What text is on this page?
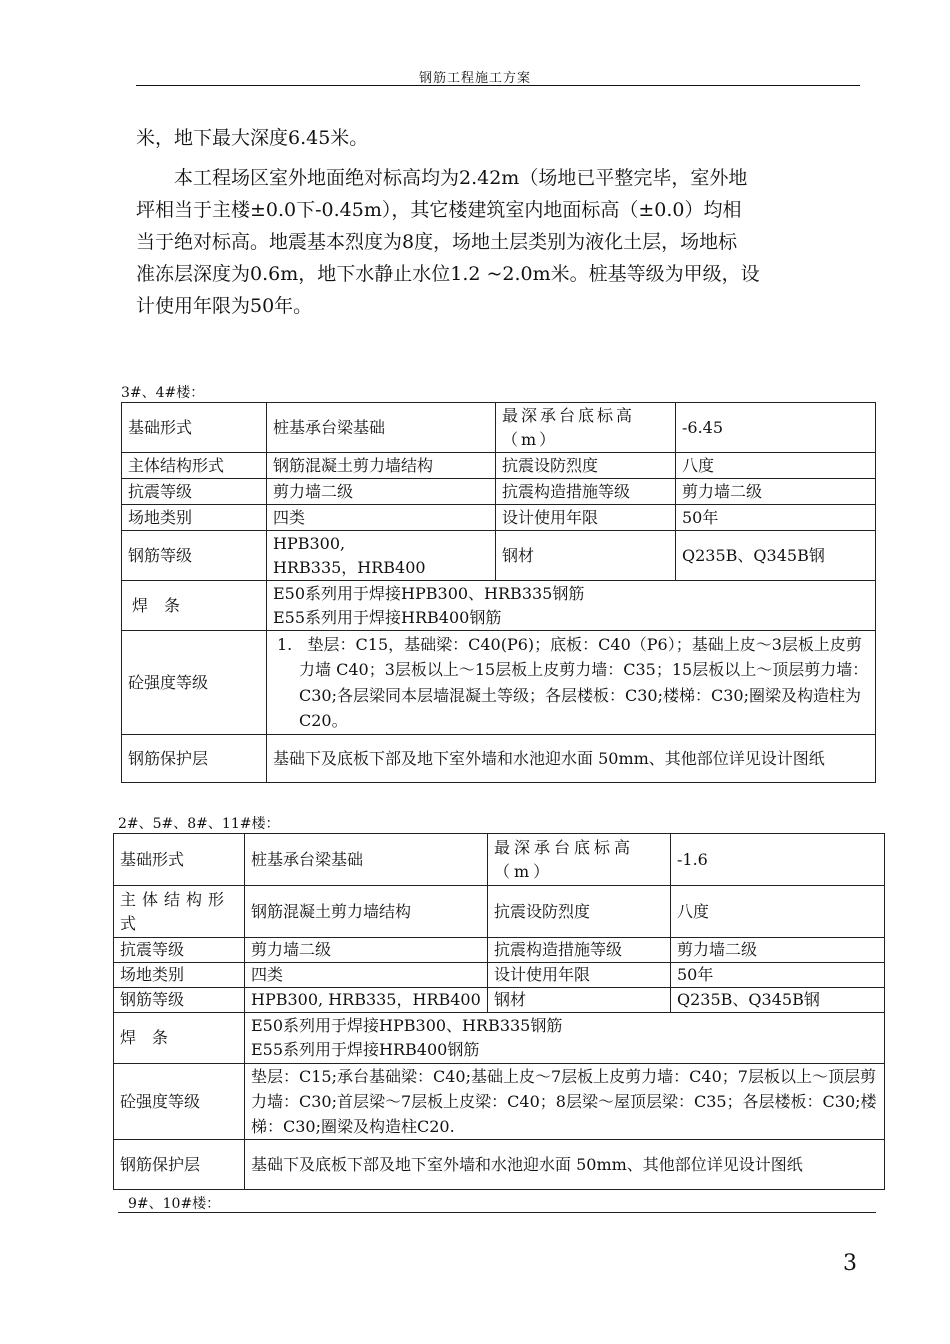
钢筋工程施工方案

米，地下最大深度6.45米。

　　本工程场区室外地面绝对标高均为2.42m（场地已平整完毕，室外地
坪相当于主楼±0.0下-0.45m），其它楼建筑室内地面标高（±0.0）均相
当于绝对标高。地震基本烈度为8度，场地土层类别为液化土层，场地标
准冻层深度为0.6m，地下水静止水位1.2 ~2.0m米。桩基等级为甲级，设
计使用年限为50年。

3#、4#楼：

基础形式	桩基承台梁基础	最深承台底标高（m）	-6.45
主体结构形式	钢筋混凝土剪力墙结构	抗震设防烈度	八度
抗震等级	剪力墙二级	抗震构造措施等级	剪力墙二级
场地类别	四类	设计使用年限	50年
钢筋等级	HPB300,
HRB335，HRB400	钢材	Q235B、Q345B钢
焊　条	E50系列用于焊接HPB300、HRB335钢筋
E55系列用于焊接HRB400钢筋		

砼强度等级	1. 垫层：C15，基础梁：C40(P6)；底板：C40（P6）；基础上皮～3层板上皮剪力墙 C40；3层板以上～15层板上皮剪力墙：C35；15层板以上～顶层剪力墙：C30;各层梁同本层墙混凝土等级；各层楼板：C30;楼梯：C30;圈梁及构造柱为C20。		

钢筋保护层	基础下及底板下部及地下室外墙和水池迎水面 50mm、其他部位详见设计图纸		

2#、5#、8#、11#楼：

基础形式	桩基承台梁基础	最深承台底标高（m）	-1.6
主体结构形式	钢筋混凝土剪力墙结构	抗震设防烈度	八度
抗震等级	剪力墙二级	抗震构造措施等级	剪力墙二级
场地类别	四类	设计使用年限	50年
钢筋等级	HPB300, HRB335，HRB400	钢材	Q235B、Q345B钢
焊　条	E50系列用于焊接HPB300、HRB335钢筋
E55系列用于焊接HRB400钢筋		

砼强度等级	垫层：C15;承台基础梁：C40;基础上皮～7层板上皮剪力墙：C40；7层板以上～顶层剪力墙：C30;首层梁～7层板上皮梁：C40；8层梁～屋顶层梁：C35；各层楼板：C30;楼梯：C30;圈梁及构造柱C20.		
钢筋保护层	基础下及底板下部及地下室外墙和水池迎水面 50mm、其他部位详见设计图纸		

9#、10#楼：

3
